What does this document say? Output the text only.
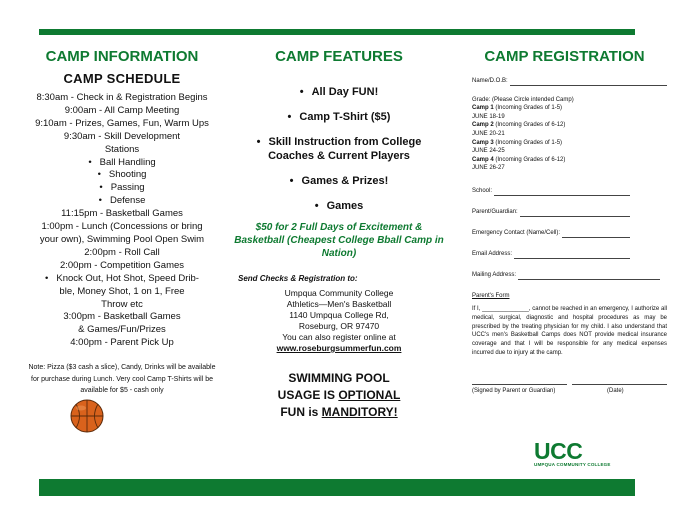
CAMP INFORMATION
CAMP SCHEDULE
8:30am - Check in & Registration Begins
9:00am - All Camp Meeting
9:10am - Prizes, Games, Fun, Warm Ups
9:30am - Skill Development
Stations
• Ball Handling
• Shooting
• Passing
• Defense
11:15pm - Basketball Games
1:00pm - Lunch (Concessions or bring
your own), Swimming Pool Open Swim
2:00pm - Roll Call
2:00pm - Competition Games
• Knock Out, Hot Shot, Speed Drib-
ble, Money Shot, 1 on 1, Free
Throw etc
3:00pm - Basketball Games
& Games/Fun/Prizes
4:00pm - Parent Pick Up
Note: Pizza ($3 cash a slice), Candy, Drinks will be available for purchase during Lunch. Very cool Camp T-Shirts will be available for $5 - cash only
CAMP FEATURES
• All Day FUN!
• Camp T-Shirt ($5)
• Skill Instruction from College Coaches & Current Players
• Games & Prizes!
• Games
$50 for 2 Full Days of Excitement & Basketball (Cheapest College Bball Camp in Nation)
Send Checks & Registration to:
Umpqua Community College
Athletics—Men's Basketball
1140 Umpqua College Rd,
Roseburg, OR 97470
You can also register online at
www.roseburgsummerfun.com
SWIMMING POOL
USAGE IS OPTIONAL
FUN is MANDITORY!
CAMP REGISTRATION
Name/D.O.B:
Grade: (Please Circle intended Camp)
Camp 1 (Incoming Grades of 1-5)
JUNE 18-19
Camp 2 (Incoming Grades of 6-12)
JUNE 20-21
Camp 3 (Incoming Grades of 1-5)
JUNE 24-25
Camp 4 (Incoming Grades of 6-12)
JUNE 26-27
School:
Parent/Guardian:
Emergency Contact (Name/Cell):
Email Address:
Mailing Address:
Parent's Form
If I, ______________, cannot be reached in an emergency, I authorize all medical, surgical, diagnostic and hospital procedures as may be prescribed by the treating physician for my child. I also understand that UCC's men's Basketball Camps does NOT provide medical insurance coverage and that I will be responsible for any medical expenses incurred due to injury at the camp.
(Signed by Parent or Guardian)	(Date)
UCC
UMPQUA COMMUNITY COLLEGE
